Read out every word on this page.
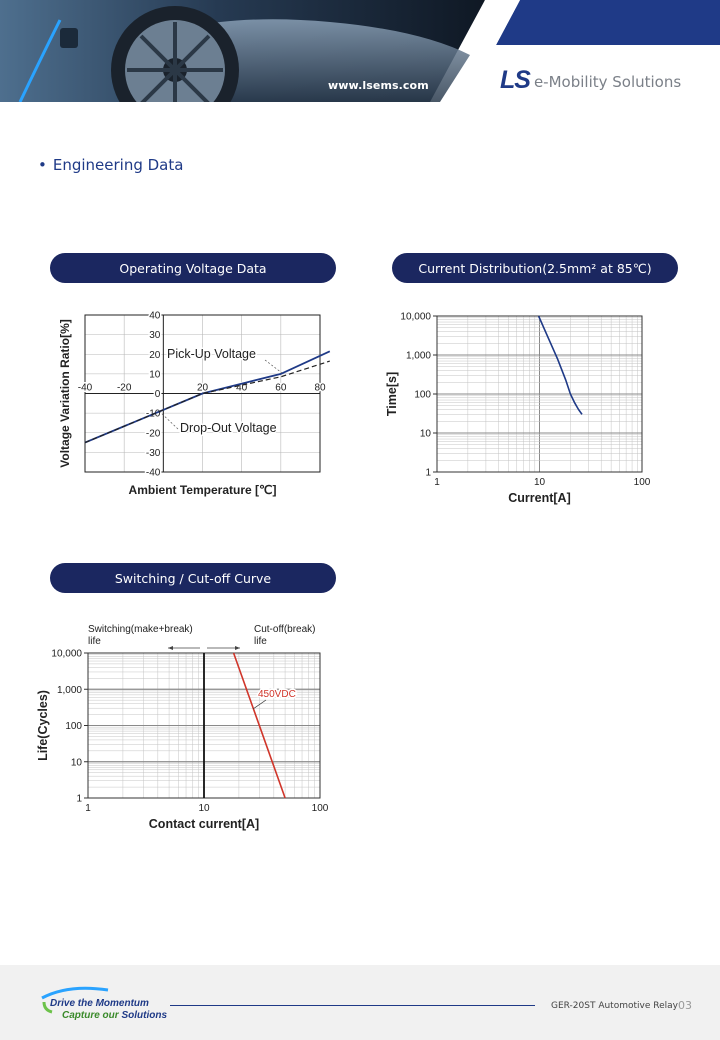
www.lsems.com	LS e-Mobility Solutions
• Engineering Data
Operating Voltage Data	Current Distribution(2.5mm² at 85℃)
Switching / Cut-off Curve
40
30
20
10
0
-10
-20
-30
-40
-40 -20	20	40	60	80
Pick-Up Voltage
Drop-Out Voltage
Ambient Temperature [℃]
Voltage Variation Ratio[%]
10,000
1,000
100
10
1
1	10	100
Current[A]
Time[s]
10,000
1,000
100
10
1
1	10	100
Contact current[A]
Life(Cycles)
Switching(make+break) life
Cut-off(break) life
450VDC
Drive the Momentum
Capture our Solutions
GER-20ST Automotive Relay 03
